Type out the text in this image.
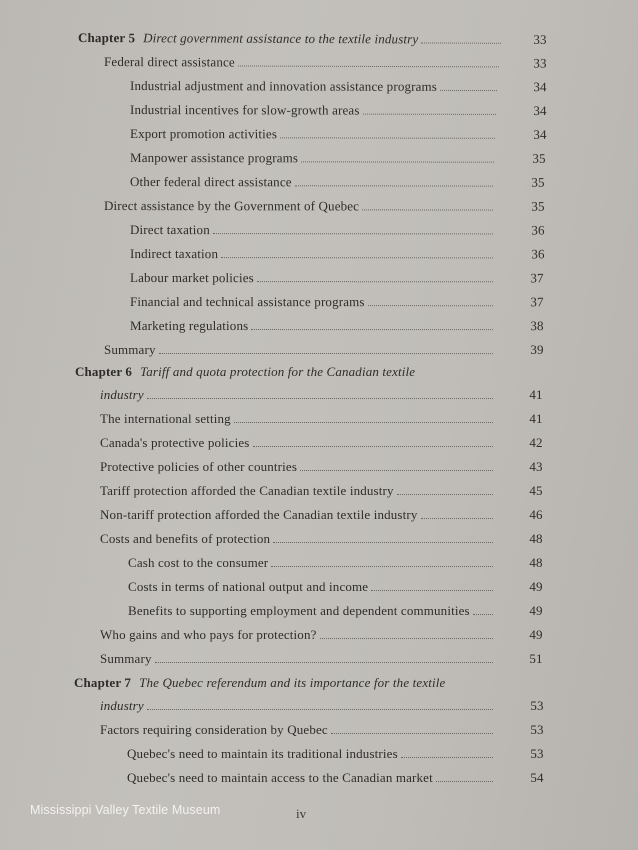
Chapter 5 Direct government assistance to the textile industry	33
Federal direct assistance	33
Industrial adjustment and innovation assistance programs	34
Industrial incentives for slow-growth areas	34
Export promotion activities	34
Manpower assistance programs	35
Other federal direct assistance	35
Direct assistance by the Government of Quebec	35
Direct taxation	36
Indirect taxation	36
Labour market policies	37
Financial and technical assistance programs	37
Marketing regulations	38
Summary	39
Chapter 6 Tariff and quota protection for the Canadian textile
industry	41
The international setting	41
Canada's protective policies	42
Protective policies of other countries	43
Tariff protection afforded the Canadian textile industry	45
Non-tariff protection afforded the Canadian textile industry	46
Costs and benefits of protection	48
Cash cost to the consumer	48
Costs in terms of national output and income	49
Benefits to supporting employment and dependent communities	49
Who gains and who pays for protection?	49
Summary	51
Chapter 7 The Quebec referendum and its importance for the textile
industry	53
Factors requiring consideration by Quebec	53
Quebec's need to maintain its traditional industries	53
Quebec's need to maintain access to the Canadian market	54
Mississippi Valley Textile Museum	iv
